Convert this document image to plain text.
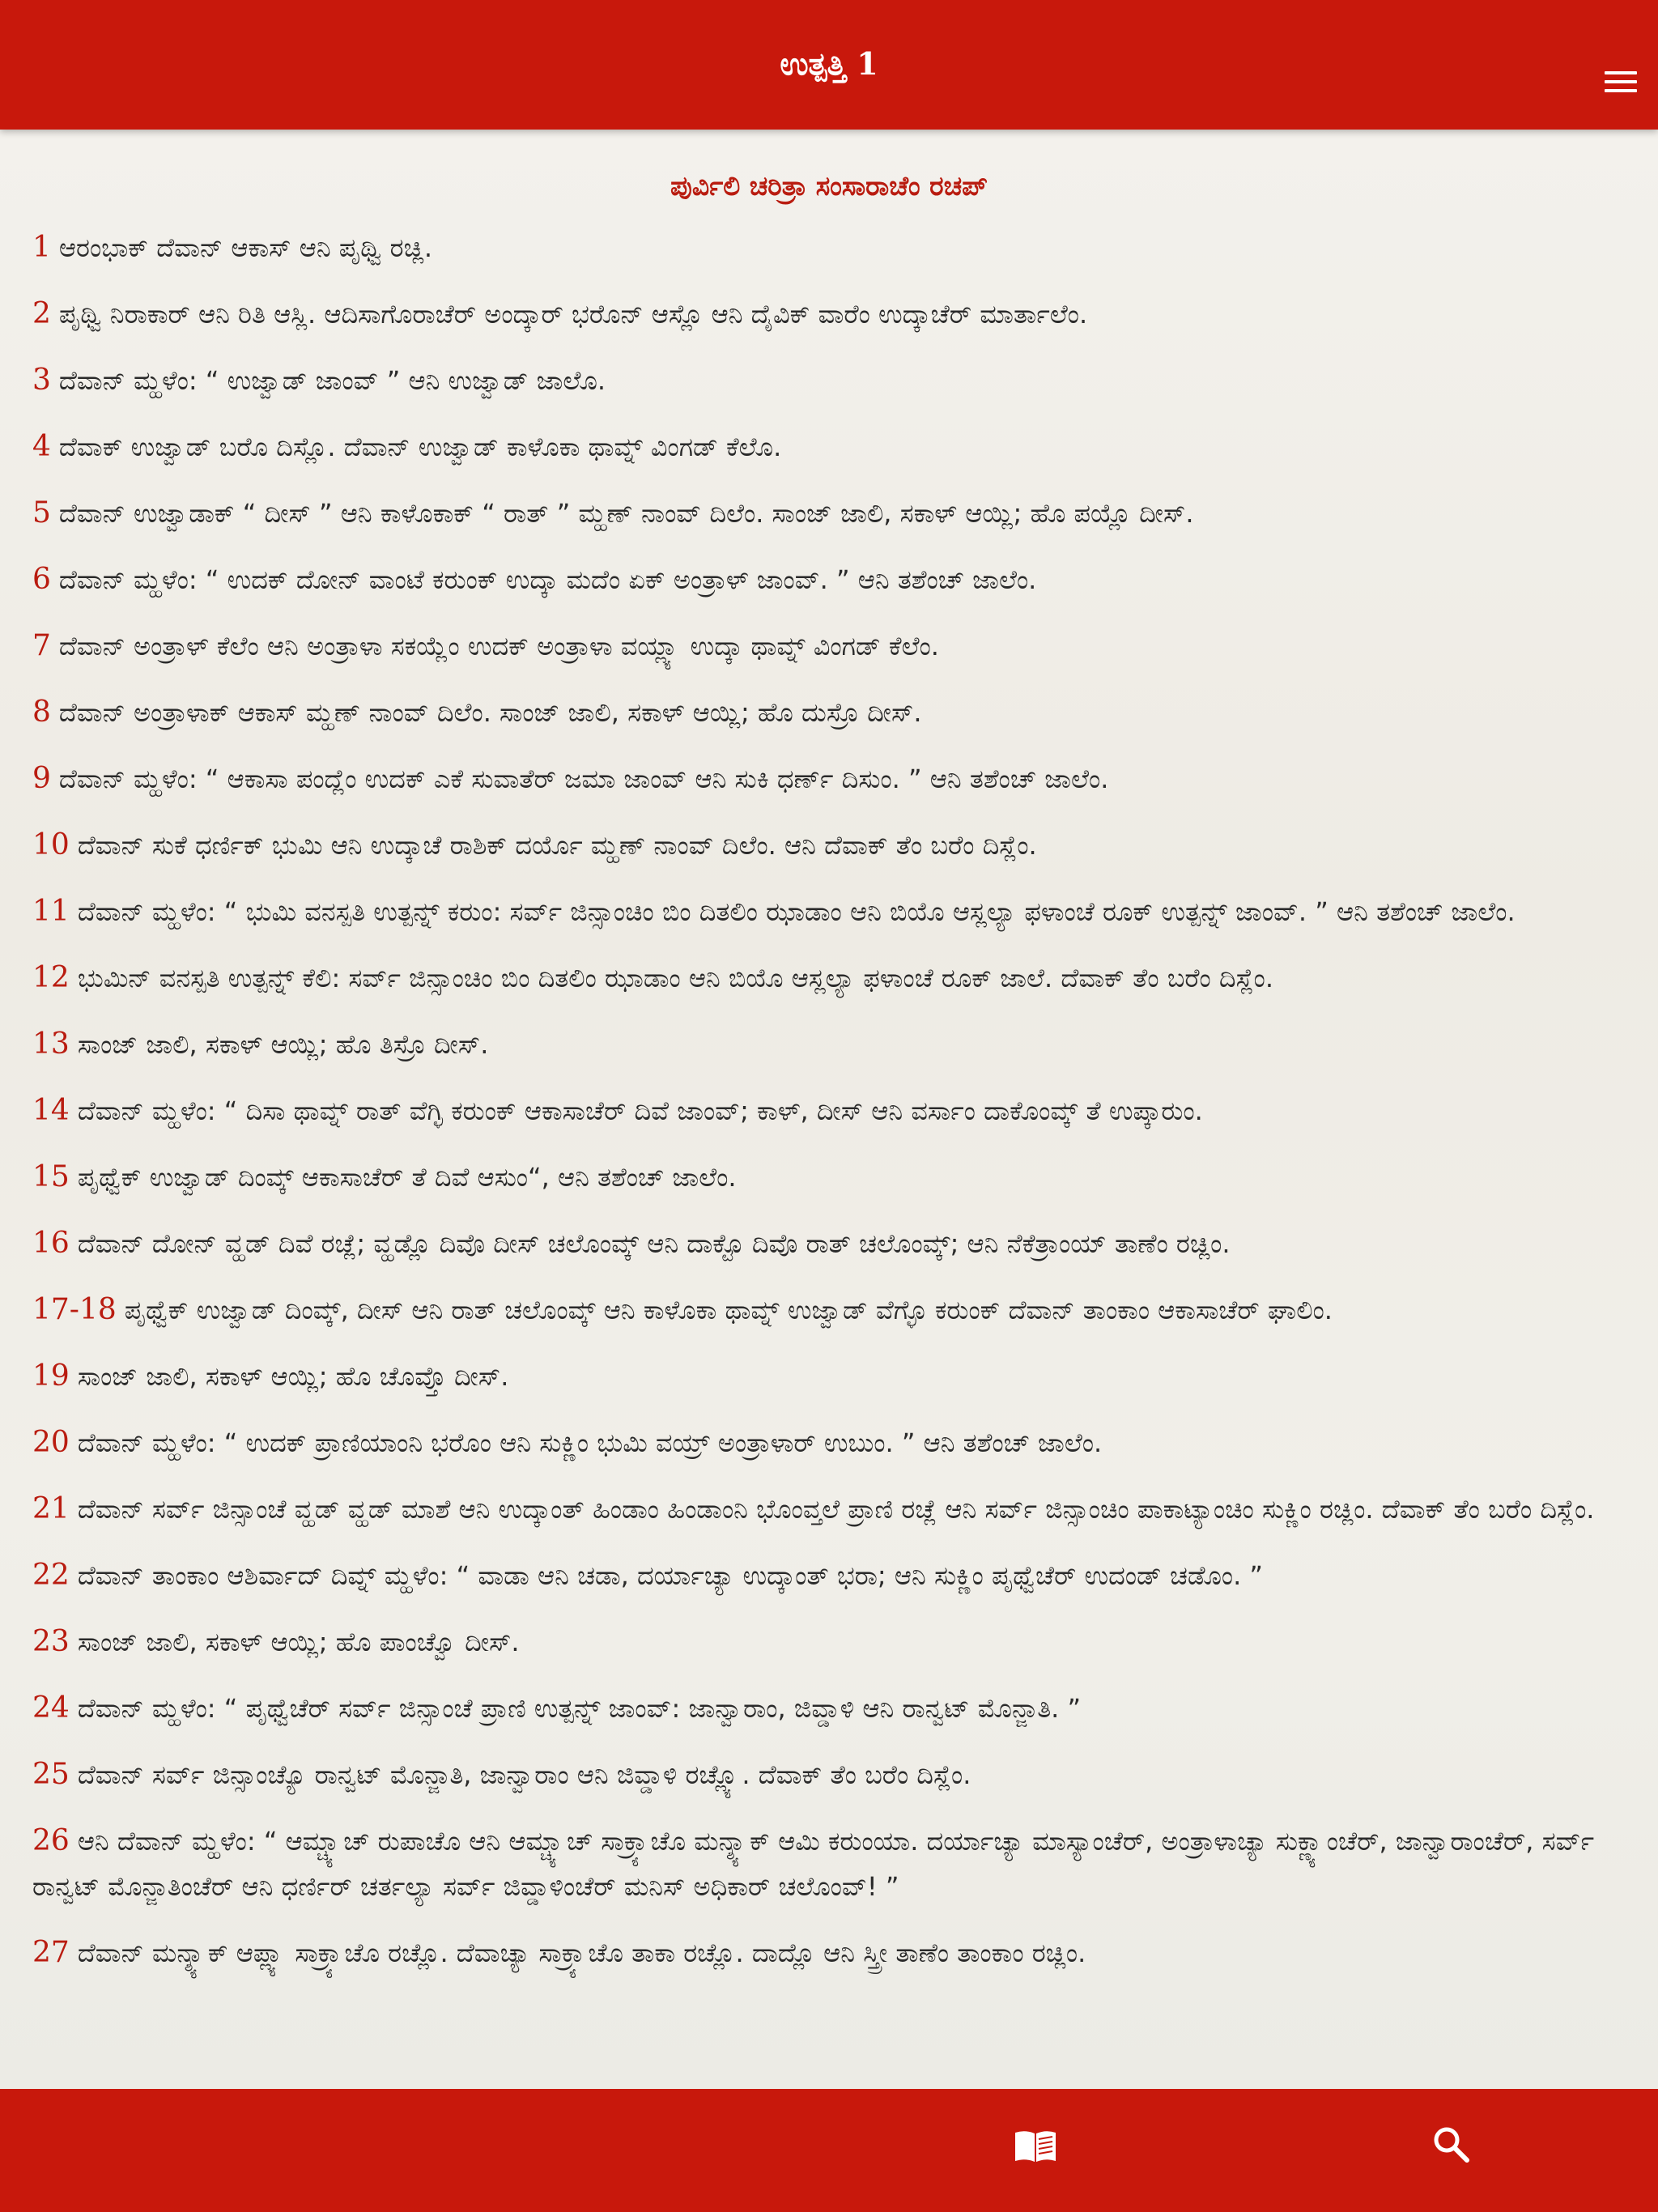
ಉತ್ಪತ್ತಿ 1
ಪುರ್ವಿಲಿ ಚರಿತ್ರಾ ಸಂಸಾರಾಚೆಂ ರಚಪ್
1 ಆರಂಭಾಕ್ ದೆವಾನ್ ಆಕಾಸ್ ಆನಿ ಪೃಥ್ವಿ ರಚ್ಲಿ.
2 ಪೃಥ್ವಿ ನಿರಾಕಾರ್ ಆನಿ ರಿತಿ ಆಸ್ಲಿ. ಆದಿಸಾಗೊರಾಚೆರ್ ಅಂದ್ಕಾರ್ ಭರೊನ್ ಆಸ್ಲೊ ಆನಿ ದೈವಿಕ್ ವಾರೆಂ ಉದ್ಕಾಚೆರ್ ಮಾರ್ತಾಲೆಂ.
3 ದೆವಾನ್ ಮ್ಹಳೆಂ: “ ಉಜ್ವಾಡ್ ಜಾಂವ್ ” ಆನಿ ಉಜ್ವಾಡ್ ಜಾಲೊ.
4 ದೆವಾಕ್ ಉಜ್ವಾಡ್ ಬರೊ ದಿಸ್ಲೊ. ದೆವಾನ್ ಉಜ್ವಾಡ್ ಕಾಳೊಕಾ ಥಾವ್ನ್ ವಿಂಗಡ್ ಕೆಲೊ.
5 ದೆವಾನ್ ಉಜ್ವಾಡಾಕ್ “ ದೀಸ್ ” ಆನಿ ಕಾಳೊಕಾಕ್ “ ರಾತ್ ” ಮ್ಹಣ್ ನಾಂವ್ ದಿಲೆಂ. ಸಾಂಜ್ ಜಾಲಿ, ಸಕಾಳ್ ಆಯ್ಲಿ; ಹೊ ಪಯ್ಲೊ ದೀಸ್.
6 ದೆವಾನ್ ಮ್ಹಳೆಂ: “ ಉದಕ್ ದೋನ್ ವಾಂಟೆ ಕರುಂಕ್ ಉದ್ಕಾ ಮದೆಂ ಏಕ್ ಅಂತ್ರಾಳ್ ಜಾಂವ್. ” ಆನಿ ತಶೆಂಚ್ ಜಾಲೆಂ.
7 ದೆವಾನ್ ಅಂತ್ರಾಳ್ ಕೆಲೆಂ ಆನಿ ಅಂತ್ರಾಳಾ ಸಕಯ್ಲೆಂ ಉದಕ್ ಅಂತ್ರಾಳಾ ವಯ್ಲ್ಯಾ ಉದ್ಕಾ ಥಾವ್ನ್ ವಿಂಗಡ್ ಕೆಲೆಂ.
8 ದೆವಾನ್ ಅಂತ್ರಾಳಾಕ್ ಆಕಾಸ್ ಮ್ಹಣ್ ನಾಂವ್ ದಿಲೆಂ. ಸಾಂಜ್ ಜಾಲಿ, ಸಕಾಳ್ ಆಯ್ಲಿ; ಹೊ ದುಸ್ರೊ ದೀಸ್.
9 ದೆವಾನ್ ಮ್ಹಳೆಂ: “ ಆಕಾಸಾ ಪಂದ್ಲೆಂ ಉದಕ್ ಎಕೆ ಸುವಾತೆರ್ ಜಮಾ ಜಾಂವ್ ಆನಿ ಸುಕಿ ಧರ್ಣ್ ದಿಸುಂ. ” ಆನಿ ತಶೆಂಚ್ ಜಾಲೆಂ.
10 ದೆವಾನ್ ಸುಕೆ ಧರ್ಣಿಕ್ ಭುಮಿ ಆನಿ ಉದ್ಕಾಚೆ ರಾಶಿಕ್ ದರ್ಯೊ ಮ್ಹಣ್ ನಾಂವ್ ದಿಲೆಂ. ಆನಿ ದೆವಾಕ್ ತೆಂ ಬರೆಂ ದಿಸ್ಲೆಂ.
11 ದೆವಾನ್ ಮ್ಹಳೆಂ: “ ಭುಮಿ ವನಸ್ಪತಿ ಉತ್ಪನ್ನ್ ಕರುಂ: ಸರ್ವ್ ಜಿನ್ಸಾಂಚಿಂ ಬಿಂ ದಿತಲಿಂ ಝಾಡಾಂ ಆನಿ ಬಿಯೊ ಆಸ್ಲಲ್ಯಾ ಫಳಾಂಚೆ ರೂಕ್ ಉತ್ಪನ್ನ್ ಜಾಂವ್. ” ಆನಿ ತಶೆಂಚ್ ಜಾಲೆಂ.
12 ಭುಮಿನ್ ವನಸ್ಪತಿ ಉತ್ಪನ್ನ್ ಕೆಲಿ: ಸರ್ವ್ ಜಿನ್ಸಾಂಚಿಂ ಬಿಂ ದಿತಲಿಂ ಝಾಡಾಂ ಆನಿ ಬಿಯೊ ಆಸ್ಲಲ್ಯಾ ಫಳಾಂಚೆ ರೂಕ್ ಜಾಲೆ. ದೆವಾಕ್ ತೆಂ ಬರೆಂ ದಿಸ್ಲೆಂ.
13 ಸಾಂಜ್ ಜಾಲಿ, ಸಕಾಳ್ ಆಯ್ಲಿ; ಹೊ ತಿಸ್ರೊ ದೀಸ್.
14 ದೆವಾನ್ ಮ್ಹಳೆಂ: “ ದಿಸಾ ಥಾವ್ನ್ ರಾತ್ ವೆಗ್ಳಿ ಕರುಂಕ್ ಆಕಾಸಾಚೆರ್ ದಿವೆ ಜಾಂವ್; ಕಾಳ್, ದೀಸ್ ಆನಿ ವರ್ಸಾಂ ದಾಕೊಂವ್ಕ್ ತೆ ಉಪ್ಕಾರುಂ.
15 ಪೃಥ್ವೆಕ್ ಉಜ್ವಾಡ್ ದಿಂವ್ಕ್ ಆಕಾಸಾಚೆರ್ ತೆ ದಿವೆ ಆಸುಂ“, ಆನಿ ತಶೆಂಚ್ ಜಾಲೆಂ.
16 ದೆವಾನ್ ದೋನ್ ವ್ಹಡ್ ದಿವೆ ರಚ್ಲೆ; ವ್ಹಡ್ಲೊ ದಿವೊ ದೀಸ್ ಚಲೊಂವ್ಕ್ ಆನಿ ದಾಕ್ಟೊ ದಿವೊ ರಾತ್ ಚಲೊಂವ್ಕ್; ಆನಿ ನೆಕೆತ್ರಾಂಯ್ ತಾಣೆಂ ರಚ್ಲಿಂ.
17-18 ಪೃಥ್ವೆಕ್ ಉಜ್ವಾಡ್ ದಿಂವ್ಕ್, ದೀಸ್ ಆನಿ ರಾತ್ ಚಲೊಂವ್ಕ್ ಆನಿ ಕಾಳೊಕಾ ಥಾವ್ನ್ ಉಜ್ವಾಡ್ ವೆಗ್ಳೊ ಕರುಂಕ್ ದೆವಾನ್ ತಾಂಕಾಂ ಆಕಾಸಾಚೆರ್ ಘಾಲಿಂ.
19 ಸಾಂಜ್ ಜಾಲಿ, ಸಕಾಳ್ ಆಯ್ಲಿ; ಹೊ ಚೊವ್ತೊ ದೀಸ್.
20 ದೆವಾನ್ ಮ್ಹಳೆಂ: “ ಉದಕ್ ಪ್ರಾಣಿಯಾಂನಿ ಭರೊಂ ಆನಿ ಸುಕ್ಣಿಂ ಭುಮಿ ವಯ್ರ್ ಅಂತ್ರಾಳಾರ್ ಉಬುಂ. ” ಆನಿ ತಶೆಂಚ್ ಜಾಲೆಂ.
21 ದೆವಾನ್ ಸರ್ವ್ ಜಿನ್ಸಾಂಚೆ ವ್ಹಡ್ ವ್ಹಡ್ ಮಾಶೆ ಆನಿ ಉದ್ಕಾಂತ್ ಹಿಂಡಾಂ ಹಿಂಡಾಂನಿ ಭೊಂವ್ತಲೆ ಪ್ರಾಣಿ ರಚ್ಲೆ ಆನಿ ಸರ್ವ್ ಜಿನ್ಸಾಂಚಿಂ ಪಾಕಾಟ್ಯಾಂಚಿಂ ಸುಕ್ಣಿಂ ರಚ್ಲಿಂ. ದೆವಾಕ್ ತೆಂ ಬರೆಂ ದಿಸ್ಲೆಂ.
22 ದೆವಾನ್ ತಾಂಕಾಂ ಆಶಿರ್ವಾದ್ ದಿವ್ನ್ ಮ್ಹಳೆಂ: “ ವಾಡಾ ಆನಿ ಚಡಾ, ದರ್ಯಾಚ್ಯಾ ಉದ್ಕಾಂತ್ ಭರಾ; ಆನಿ ಸುಕ್ಣಿಂ ಪೃಥ್ವೆಚೆರ್ ಉದಂಡ್ ಚಡೊಂ. ”
23 ಸಾಂಜ್ ಜಾಲಿ, ಸಕಾಳ್ ಆಯ್ಲಿ; ಹೊ ಪಾಂಚ್ವೊ ದೀಸ್.
24 ದೆವಾನ್ ಮ್ಹಳೆಂ: “ ಪೃಥ್ವೆಚೆರ್ ಸರ್ವ್ ಜಿನ್ಸಾಂಚೆ ಪ್ರಾಣಿ ಉತ್ಪನ್ನ್ ಜಾಂವ್: ಜಾನ್ವಾರಾಂ, ಜಿವ್ಡಾಳಿ ಆನಿ ರಾನ್ವಟ್ ಮೊನ್ಜಾತಿ. ”
25 ದೆವಾನ್ ಸರ್ವ್ ಜಿನ್ಸಾಂಚ್ಯೊ ರಾನ್ವಟ್ ಮೊನ್ಜಾತಿ, ಜಾನ್ವಾರಾಂ ಆನಿ ಜಿವ್ಡಾಳಿ ರಚ್ಲ್ಯೊ. ದೆವಾಕ್ ತೆಂ ಬರೆಂ ದಿಸ್ಲೆಂ.
26 ಆನಿ ದೆವಾನ್ ಮ್ಹಳೆಂ: “ ಆಮ್ಚ್ಯಾಚ್ ರುಪಾಚೊ ಆನಿ ಆಮ್ಚ್ಯಾಚ್ ಸಾಕ್ರ್ಯಾಚೊ ಮನ್ಶ್ಯಾಕ್ ಆಮಿ ಕರುಂಯಾ. ದರ್ಯಾಚ್ಯಾ ಮಾಸ್ಯಾಂಚೆರ್, ಅಂತ್ರಾಳಾಚ್ಯಾ ಸುಕ್ಣ್ಯಾಂಚೆರ್, ಜಾನ್ವಾರಾಂಚೆರ್, ಸರ್ವ್ ರಾನ್ವಟ್ ಮೊನ್ಜಾತಿಂಚೆರ್ ಆನಿ ಧರ್ಣಿರ್ ಚರ್ತಲ್ಯಾ ಸರ್ವ್ ಜಿವ್ಡಾಳಿಂಚೆರ್ ಮನಿಸ್ ಅಧಿಕಾರ್ ಚಲೊಂವ್! ”
27 ದೆವಾನ್ ಮನ್ಶ್ಯಾಕ್ ಆಪ್ಲ್ಯಾ ಸಾಕ್ರ್ಯಾಚೊ ರಚ್ಲೊ. ದೆವಾಚ್ಯಾ ಸಾಕ್ರ್ಯಾಚೊ ತಾಕಾ ರಚ್ಲೊ. ದಾದ್ಲೊ ಆನಿ ಸ್ತ್ರೀ ತಾಣೆಂ ತಾಂಕಾಂ ರಚ್ಲಿಂ.
